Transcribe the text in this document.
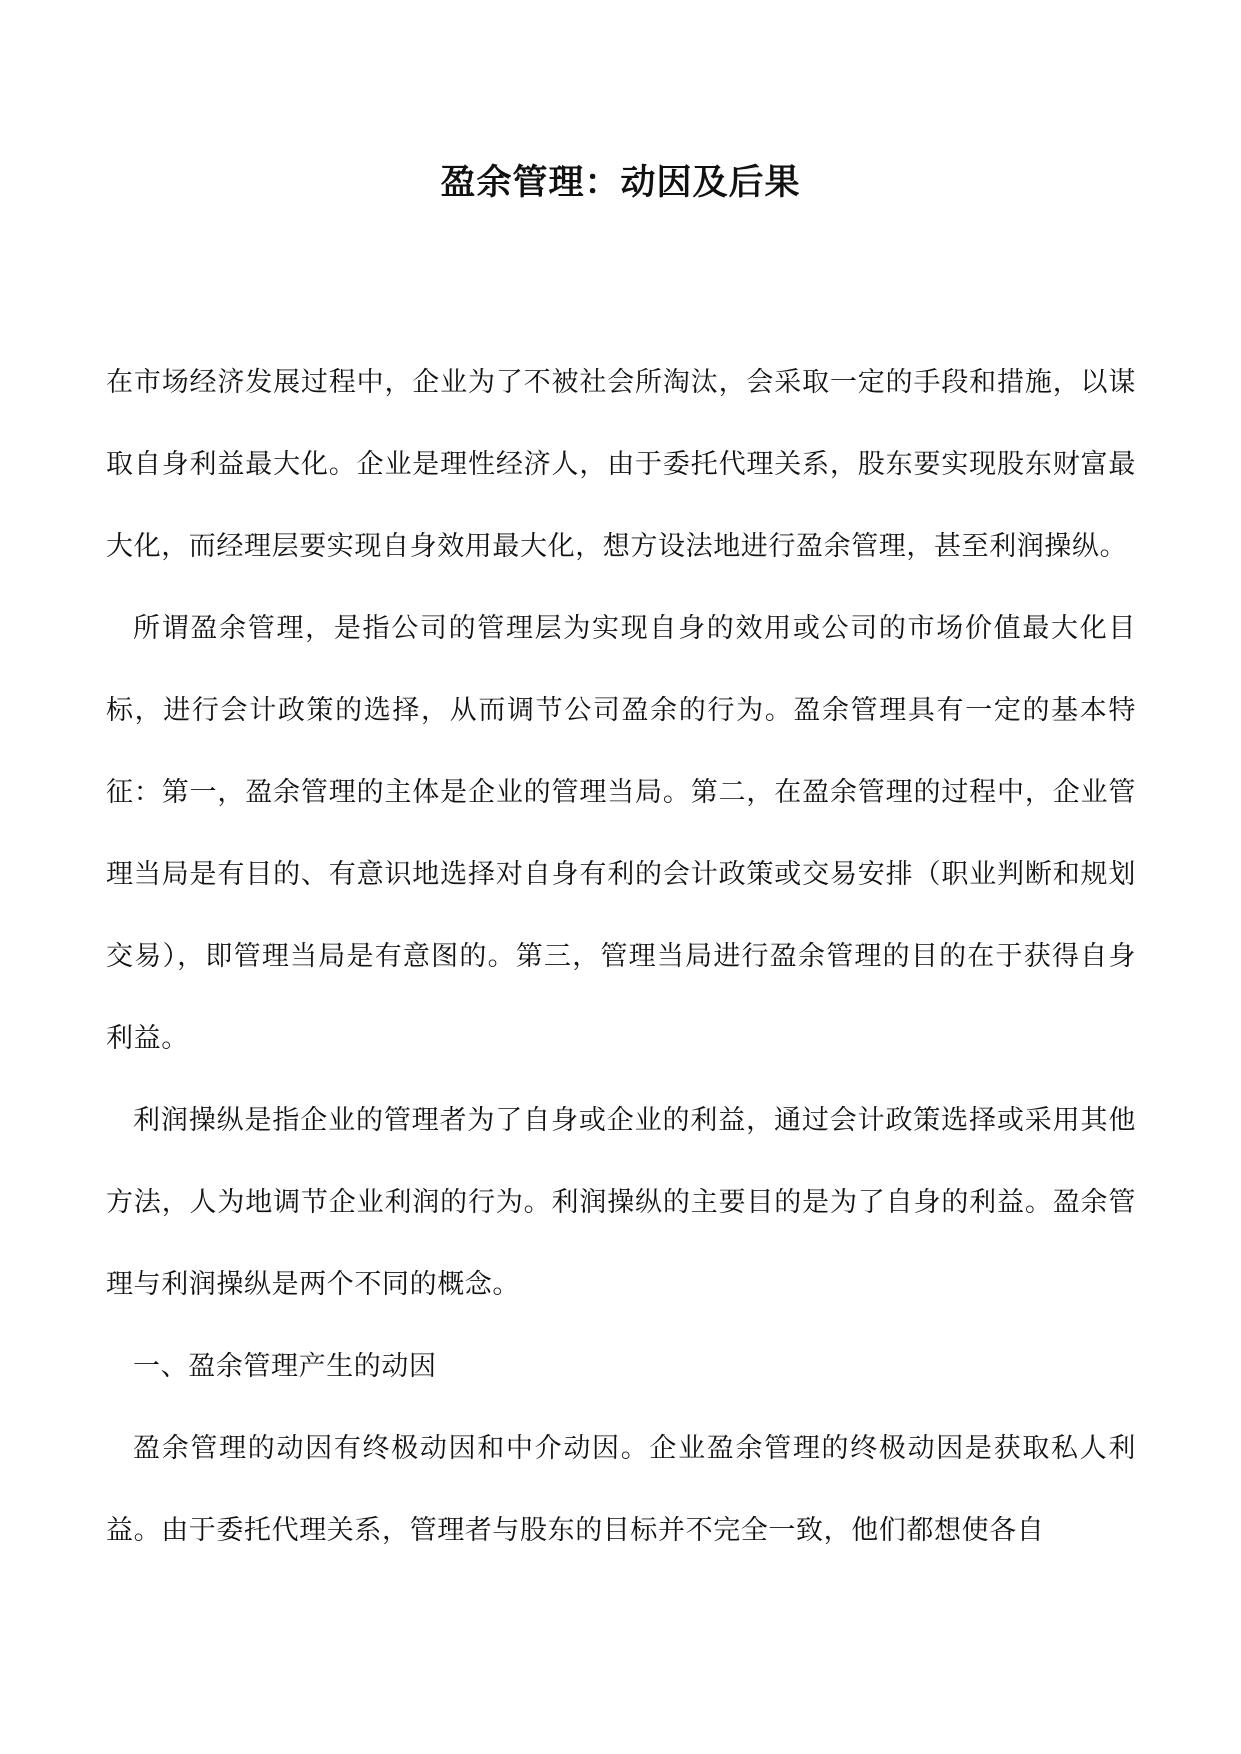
盈余管理：动因及后果

在市场经济发展过程中，企业为了不被社会所淘汰，会采取一定的手段和措施，以谋取自身利益最大化。企业是理性经济人，由于委托代理关系，股东要实现股东财富最大化，而经理层要实现自身效用最大化，想方设法地进行盈余管理，甚至利润操纵。

所谓盈余管理，是指公司的管理层为实现自身的效用或公司的市场价值最大化目标，进行会计政策的选择，从而调节公司盈余的行为。盈余管理具有一定的基本特征：第一，盈余管理的主体是企业的管理当局。第二，在盈余管理的过程中，企业管理当局是有目的、有意识地选择对自身有利的会计政策或交易安排（职业判断和规划交易），即管理当局是有意图的。第三，管理当局进行盈余管理的目的在于获得自身利益。

利润操纵是指企业的管理者为了自身或企业的利益，通过会计政策选择或采用其他方法，人为地调节企业利润的行为。利润操纵的主要目的是为了自身的利益。盈余管理与利润操纵是两个不同的概念。

一、盈余管理产生的动因

盈余管理的动因有终极动因和中介动因。企业盈余管理的终极动因是获取私人利益。由于委托代理关系，管理者与股东的目标并不完全一致，他们都想使各自
